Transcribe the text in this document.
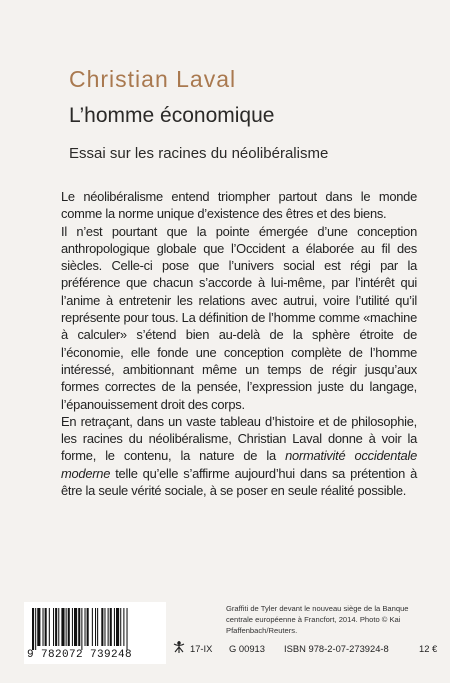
Christian Laval
L’homme économique
Essai sur les racines du néolibéralisme

Le néolibéralisme entend triompher partout dans le monde comme la norme unique d’existence des êtres et des biens.

Il n’est pourtant que la pointe émergée d’une conception anthropologique globale que l’Occident a élaborée au fil des siècles. Celle-ci pose que l’univers social est régi par la préférence que chacun s’accorde à lui-même, par l’intérêt qui l’anime à entretenir les relations avec autrui, voire l’utilité qu’il représente pour tous. La définition de l’homme comme «machine à calculer» s’étend bien au-delà de la sphère étroite de l’économie, elle fonde une conception complète de l’homme intéressé, ambitionnant même un temps de régir jusqu’aux formes correctes de la pensée, l’expression juste du langage, l’épanouissement droit des corps.

En retraçant, dans un vaste tableau d’histoire et de philosophie, les racines du néolibéralisme, Christian Laval donne à voir la forme, le contenu, la nature de la normativité occidentale moderne telle qu’elle s’affirme aujourd’hui dans sa prétention à être la seule vérité sociale, à se poser en seule réalité possible.

Graffiti de Tyler devant le nouveau siège de la Banque centrale européenne à Francfort, 2014. Photo © Kai Pfaffenbach/Reuters.
9 782072 739248
17-IX G 00913 ISBN 978-2-07-273924-8	12 €
